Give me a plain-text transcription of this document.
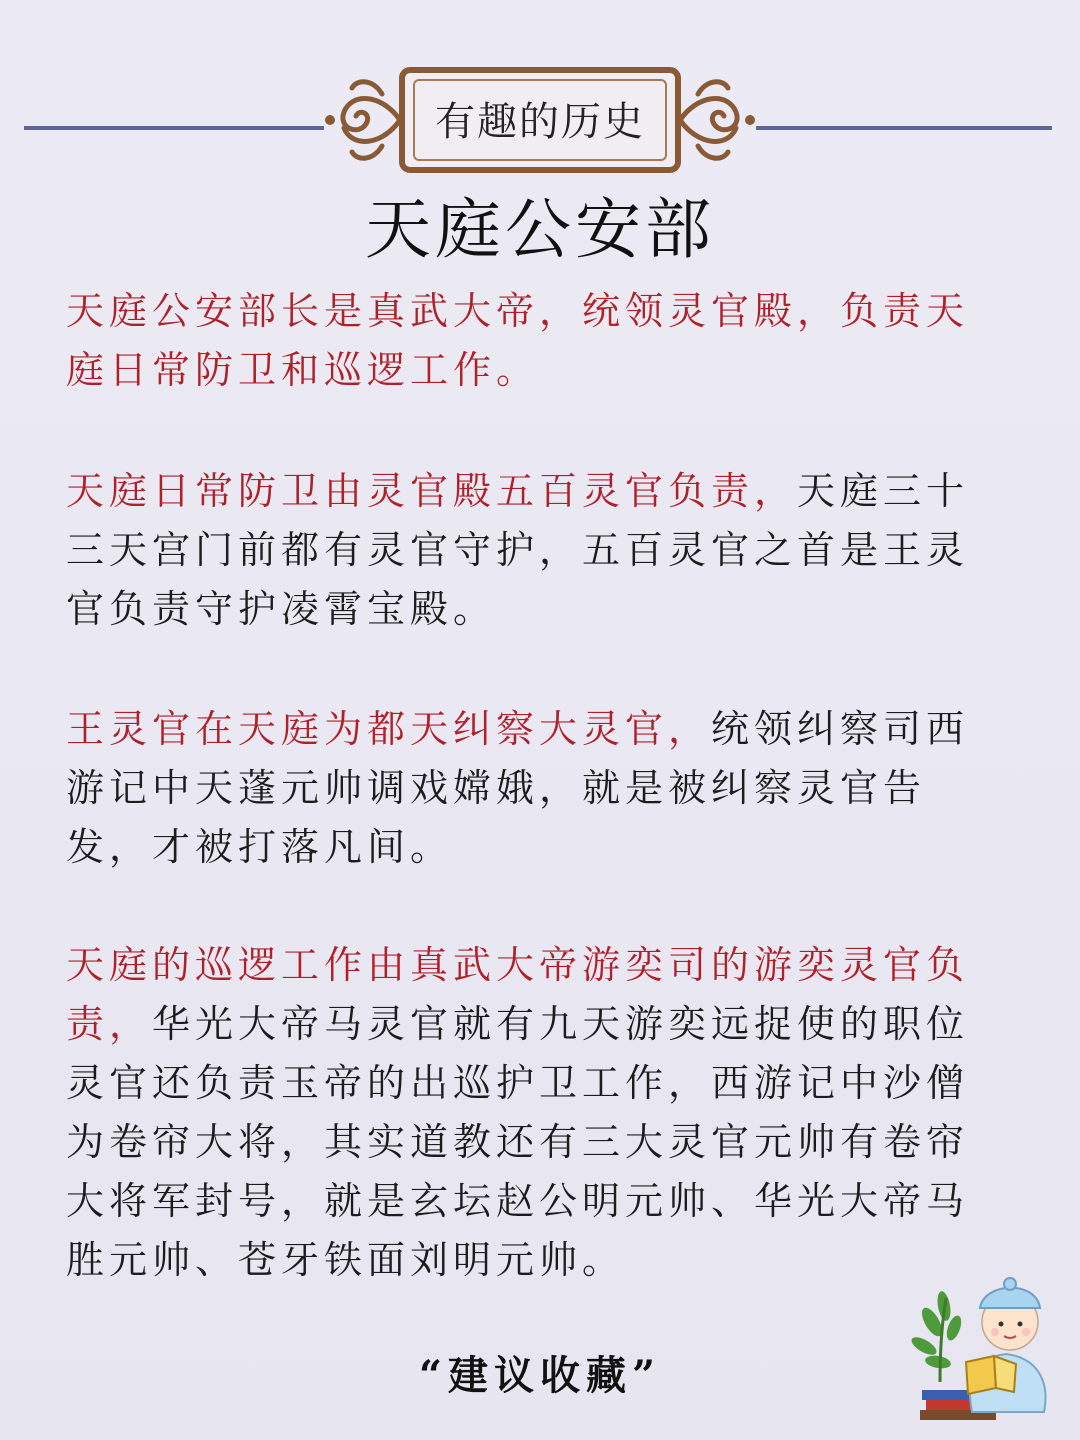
有趣的历史
天庭公安部
天庭公安部长是真武大帝，统领灵官殿，负责天庭日常防卫和巡逻工作。
天庭日常防卫由灵官殿五百灵官负责，天庭三十三天宫门前都有灵官守护，五百灵官之首是王灵官负责守护凌霄宝殿。
王灵官在天庭为都天纠察大灵官，统领纠察司西游记中天蓬元帅调戏嫦娥，就是被纠察灵官告发，才被打落凡间。
天庭的巡逻工作由真武大帝游奕司的游奕灵官负责，华光大帝马灵官就有九天游奕远捉使的职位灵官还负责玉帝的出巡护卫工作，西游记中沙僧为卷帘大将，其实道教还有三大灵官元帅有卷帘大将军封号，就是玄坛赵公明元帅、华光大帝马胜元帅、苍牙铁面刘明元帅。
“建议收藏”
